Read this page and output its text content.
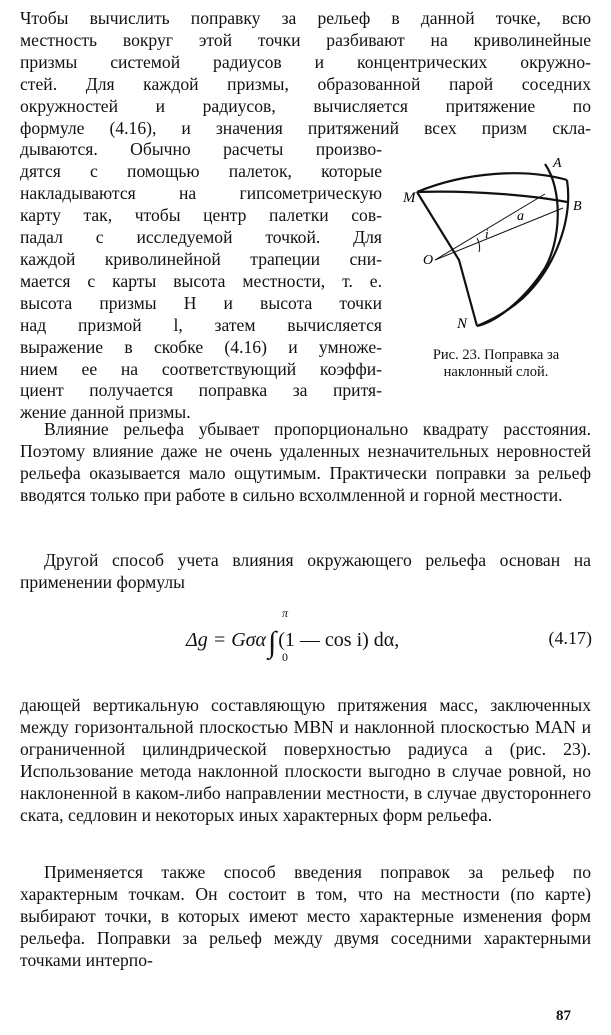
Чтобы вычислить поправку за рельеф в данной точке, всю
местность вокруг этой точки разбивают на криволинейные
призмы системой радиусов и концентрических окружно-
стей. Для каждой призмы, образованной парой соседних
окружностей и радиусов, вычисляется притяжение по
формуле (4.16), и значения притяжений всех призм скла-
дываются. Обычно расчеты произво-
дятся с помощью палеток, которые
накладываются на гипсометрическую
карту так, чтобы центр палетки сов-
падал с исследуемой точкой. Для
каждой криволинейной трапеции сни-
мается с карты высота местности, т. е.
высота призмы H и высота точки
над призмой l, затем вычисляется
выражение в скобке (4.16) и умноже-
нием ее на соответствующий коэффи-
циент получается поправка за притя-
жение данной призмы.
M
A
B
O
N
a
i
Рис. 23. Поправка за
наклонный слой.

Влияние рельефа убывает пропорционально квадрату расстояния. Поэтому влияние даже не очень удаленных незначительных неровностей рельефа оказывается мало ощутимым. Практически поправки за рельеф вводятся только при работе в сильно всхолмленной и горной местности.

Другой способ учета влияния окружающего рельефа основан на применении формулы

π
Δg = Gσα∫ (1 — cos i) dα,
0
(4.17)

дающей вертикальную составляющую притяжения масс, заключенных между горизонтальной плоскостью MBN и наклонной плоскостью MAN и ограниченной цилиндрической поверхностью радиуса a (рис. 23). Использование метода наклонной плоскости выгодно в случае ровной, но наклоненной в каком-либо направлении местности, в случае двустороннего ската, седловин и некоторых иных характерных форм рельефа.

Применяется также способ введения поправок за рельеф по характерным точкам. Он состоит в том, что на местности (по карте) выбирают точки, в которых имеют место характерные изменения форм рельефа. Поправки за рельеф между двумя соседними характерными точками интерпо-

87
